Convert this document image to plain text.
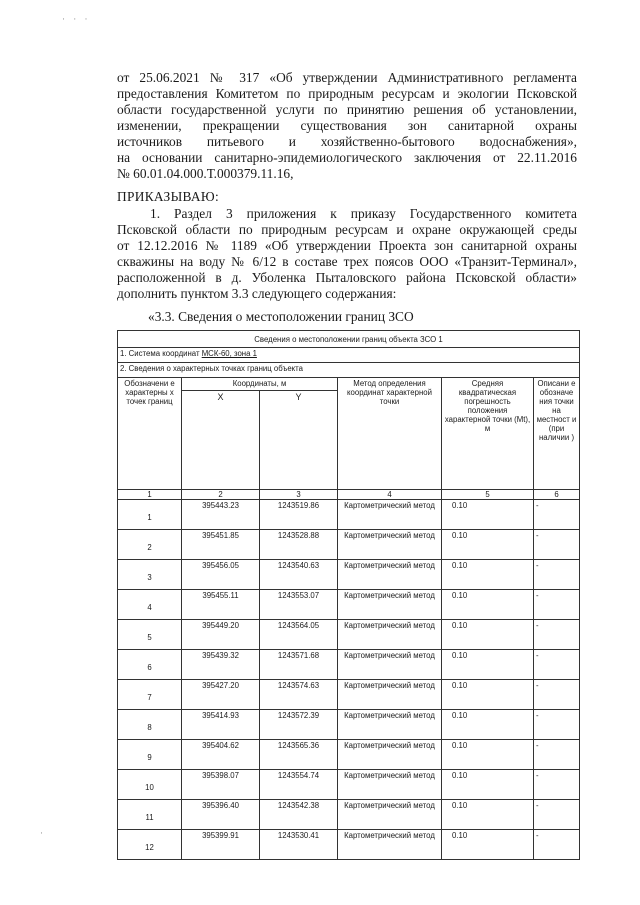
· · ·
от 25.06.2021 № 317 «Об утверждении Административного регламента
предоставления Комитетом по природным ресурсам и экологии Псковской
области государственной услуги по принятию решения об установлении,
изменении, прекращении существования зон санитарной охраны
источников питьевого и хозяйственно-бытового водоснабжения»,
на основании санитарно-эпидемиологического заключения от 22.11.2016
№ 60.01.04.000.Т.000379.11.16,
ПРИКАЗЫВАЮ:
1. Раздел 3 приложения к приказу Государственного комитета
Псковской области по природным ресурсам и охране окружающей среды
от 12.12.2016 № 1189 «Об утверждении Проекта зон санитарной охраны
скважины на воду № 6/12 в составе трех поясов ООО «Транзит-Терминал»,
расположенной в д. Уболенка Пыталовского района Псковской области»
дополнить пунктом 3.3 следующего содержания:
«3.3. Сведения о местоположении границ ЗСО
Сведения о местоположении границ объекта ЗСО 1					
1. Система координат МСК-60, зона 1					
2. Сведения о характерных точках границ объекта					
Обозначени е характерны х точек границ	Координаты, м		Метод определения координат характерной точки	Средняя квадратическая погрешность положения характерной точки (Mt), м	Описани е обозначе ния точки на местност и (при наличии )
	X	Y			
1	2	3	4	5	6
1	395443.23	1243519.86	Картометрический метод	0.10	-
2	395451.85	1243528.88	Картометрический метод	0.10	-
3	395456.05	1243540.63	Картометрический метод	0.10	-
4	395455.11	1243553.07	Картометрический метод	0.10	-
5	395449.20	1243564.05	Картометрический метод	0.10	-
6	395439.32	1243571.68	Картометрический метод	0.10	-
7	395427.20	1243574.63	Картометрический метод	0.10	-
8	395414.93	1243572.39	Картометрический метод	0.10	-
9	395404.62	1243565.36	Картометрический метод	0.10	-
10	395398.07	1243554.74	Картометрический метод	0.10	-
11	395396.40	1243542.38	Картометрический метод	0.10	-
12	395399.91	1243530.41	Картометрический метод	0.10	-
·
